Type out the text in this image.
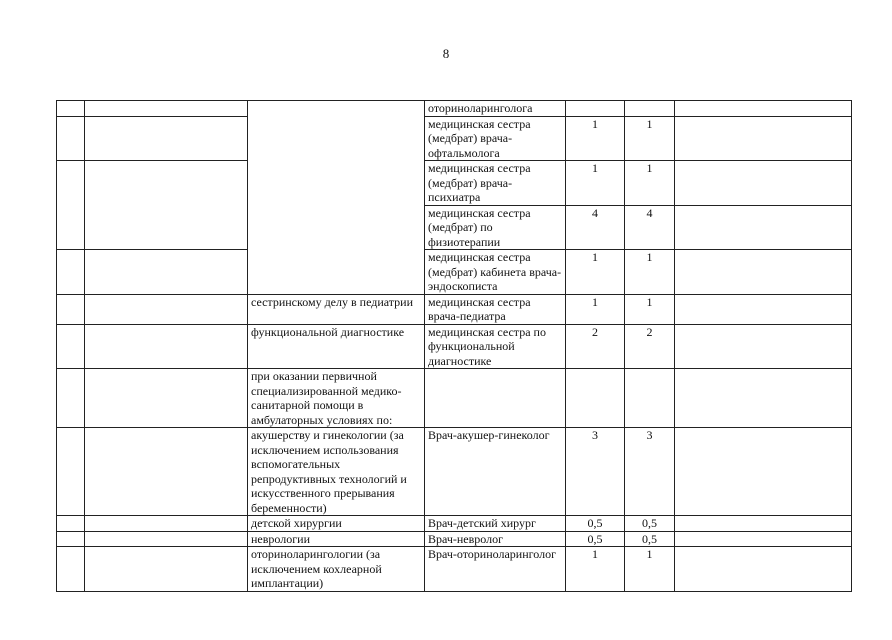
8
			оториноларинголога			
			медицинская сестра (медбрат) врача-офтальмолога	1	1	
			медицинская сестра (медбрат) врача-психиатра	1	1	
			медицинская сестра (медбрат) по физиотерапии	4	4	
			медицинская сестра (медбрат) кабинета врача-эндоскописта	1	1	
		сестринскому делу в педиатрии	медицинская сестра врача-педиатра	1	1	
		функциональной диагностике	медицинская сестра по функциональной диагностике	2	2	
		при оказании первичной специализированной медико-санитарной помощи в амбулаторных условиях по:				
		акушерству и гинекологии (за исключением использования вспомогательных репродуктивных технологий и искусственного прерывания беременности)	Врач-акушер-гинеколог	3	3	
		детской хирургии	Врач-детский хирург	0,5	0,5	
		неврологии	Врач-невролог	0,5	0,5	
		оториноларингологии (за исключением кохлеарной имплантации)	Врач-оториноларинголог	1	1	
